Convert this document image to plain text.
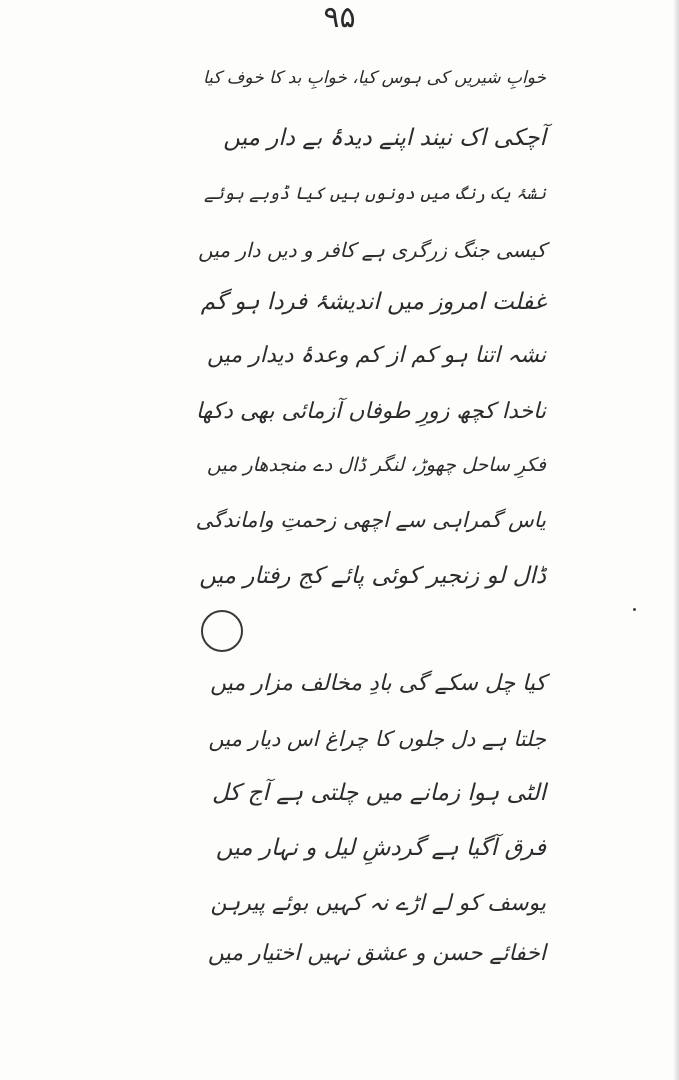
۹۵
خوابِ شیریں کی ہوس کیا، خوابِ بد کا خوف کیا
آچکی اک نیند اپنے دیدۂ بے دار میں
نشۂ یک رنگ میں دونوں ہیں کیا ڈوبے ہوئے
کیسی جنگ زرگری ہے کافر و دیں دار میں
غفلت امروز میں اندیشۂ فردا ہو گم
نشہ اتنا ہو کم از کم وعدۂ دیدار میں
ناخدا کچھ زورِ طوفاں آزمائی بھی دکھا
فکرِ ساحل چھوڑ، لنگر ڈال دے منجدھار میں
یاس گمراہی سے اچھی زحمتِ واماندگی
ڈال لو زنجیر کوئی پائے کج رفتار میں
کیا چل سکے گی بادِ مخالف مزار میں
جلتا ہے دل جلوں کا چراغ اس دیار میں
الٹی ہوا زمانے میں چلتی ہے آج کل
فرق آگیا ہے گردشِ لیل و نہار میں
یوسف کو لے اڑے نہ کہیں بوئے پیرہن
اخفائے حسن و عشق نہیں اختیار میں
